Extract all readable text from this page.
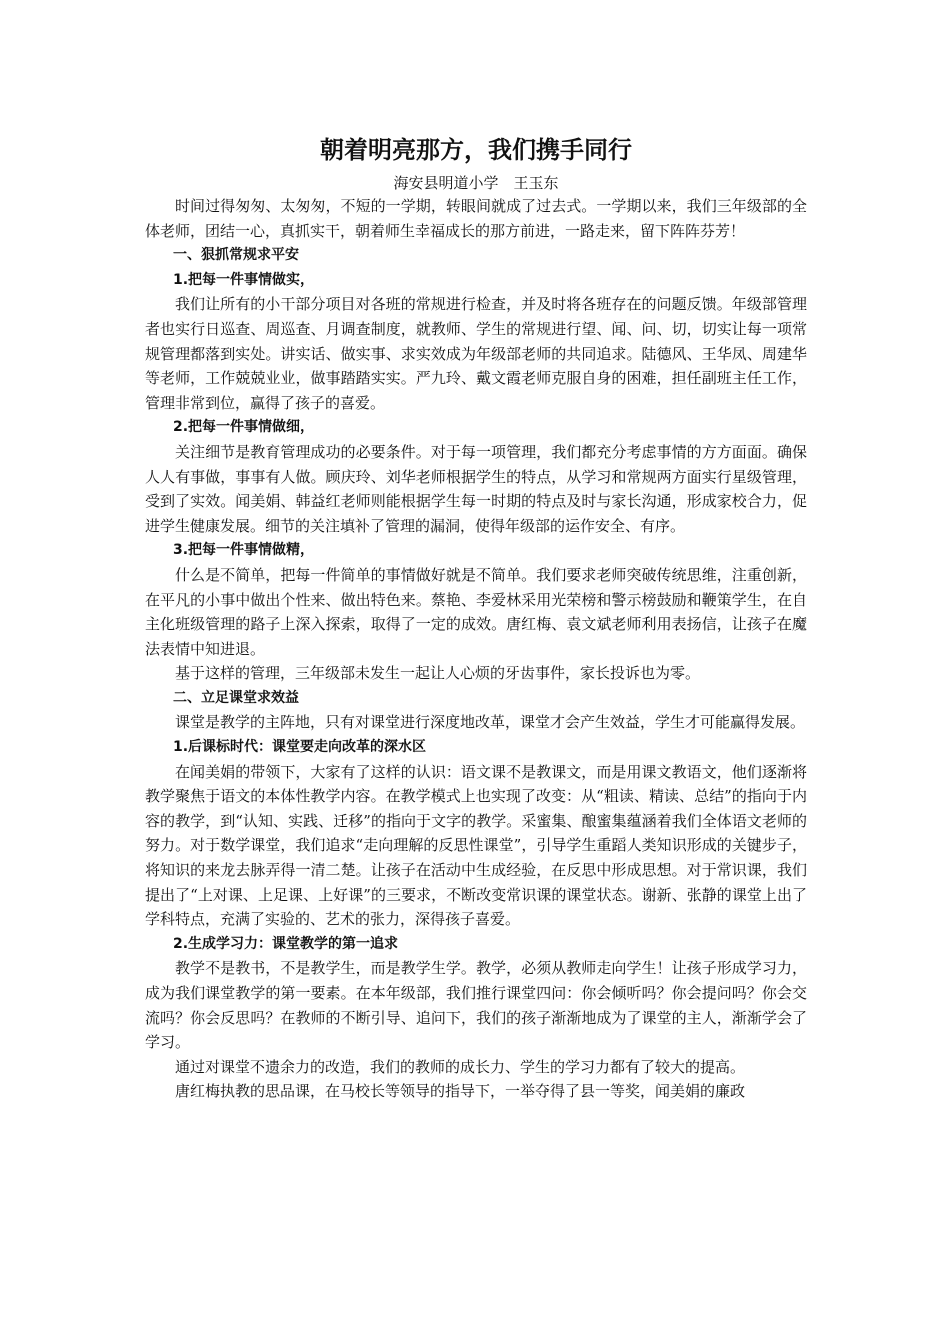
朝着明亮那方，我们携手同行
海安县明道小学　王玉东

时间过得匆匆、太匆匆，不短的一学期，转眼间就成了过去式。一学期以来，我们三年级部的全体老师，团结一心，真抓实干，朝着师生幸福成长的那方前进，一路走来，留下阵阵芬芳！

一、狠抓常规求平安

1.把每一件事情做实，

我们让所有的小干部分项目对各班的常规进行检查，并及时将各班存在的问题反馈。年级部管理者也实行日巡查、周巡查、月调查制度，就教师、学生的常规进行望、闻、问、切，切实让每一项常规管理都落到实处。讲实话、做实事、求实效成为年级部老师的共同追求。陆德风、王华凤、周建华等老师，工作兢兢业业，做事踏踏实实。严九玲、戴文霞老师克服自身的困难，担任副班主任工作，管理非常到位，赢得了孩子的喜爱。

2.把每一件事情做细，

关注细节是教育管理成功的必要条件。对于每一项管理，我们都充分考虑事情的方方面面。确保人人有事做，事事有人做。顾庆玲、刘华老师根据学生的特点，从学习和常规两方面实行星级管理，受到了实效。闻美娟、韩益红老师则能根据学生每一时期的特点及时与家长沟通，形成家校合力，促进学生健康发展。细节的关注填补了管理的漏洞，使得年级部的运作安全、有序。

3.把每一件事情做精，

什么是不简单，把每一件简单的事情做好就是不简单。我们要求老师突破传统思维，注重创新，在平凡的小事中做出个性来、做出特色来。蔡艳、李爱林采用光荣榜和警示榜鼓励和鞭策学生，在自主化班级管理的路子上深入探索，取得了一定的成效。唐红梅、袁文斌老师利用表扬信，让孩子在魔法表情中知进退。

基于这样的管理，三年级部未发生一起让人心烦的牙齿事件，家长投诉也为零。

二、立足课堂求效益

课堂是教学的主阵地，只有对课堂进行深度地改革，课堂才会产生效益，学生才可能赢得发展。

1.后课标时代：课堂要走向改革的深水区

在闻美娟的带领下，大家有了这样的认识：语文课不是教课文，而是用课文教语文，他们逐渐将教学聚焦于语文的本体性教学内容。在教学模式上也实现了改变：从“粗读、精读、总结”的指向于内容的教学，到“认知、实践、迁移”的指向于文字的教学。采蜜集、酿蜜集蕴涵着我们全体语文老师的努力。对于数学课堂，我们追求“走向理解的反思性课堂”，引导学生重蹈人类知识形成的关键步子，将知识的来龙去脉弄得一清二楚。让孩子在活动中生成经验，在反思中形成思想。对于常识课，我们提出了“上对课、上足课、上好课”的三要求，不断改变常识课的课堂状态。谢新、张静的课堂上出了学科特点，充满了实验的、艺术的张力，深得孩子喜爱。

2.生成学习力：课堂教学的第一追求

教学不是教书，不是教学生，而是教学生学。教学，必须从教师走向学生！让孩子形成学习力，成为我们课堂教学的第一要素。在本年级部，我们推行课堂四问：你会倾听吗？你会提问吗？你会交流吗？你会反思吗？在教师的不断引导、追问下，我们的孩子渐渐地成为了课堂的主人，渐渐学会了学习。

通过对课堂不遗余力的改造，我们的教师的成长力、学生的学习力都有了较大的提高。

唐红梅执教的思品课，在马校长等领导的指导下，一举夺得了县一等奖，闻美娟的廉政
